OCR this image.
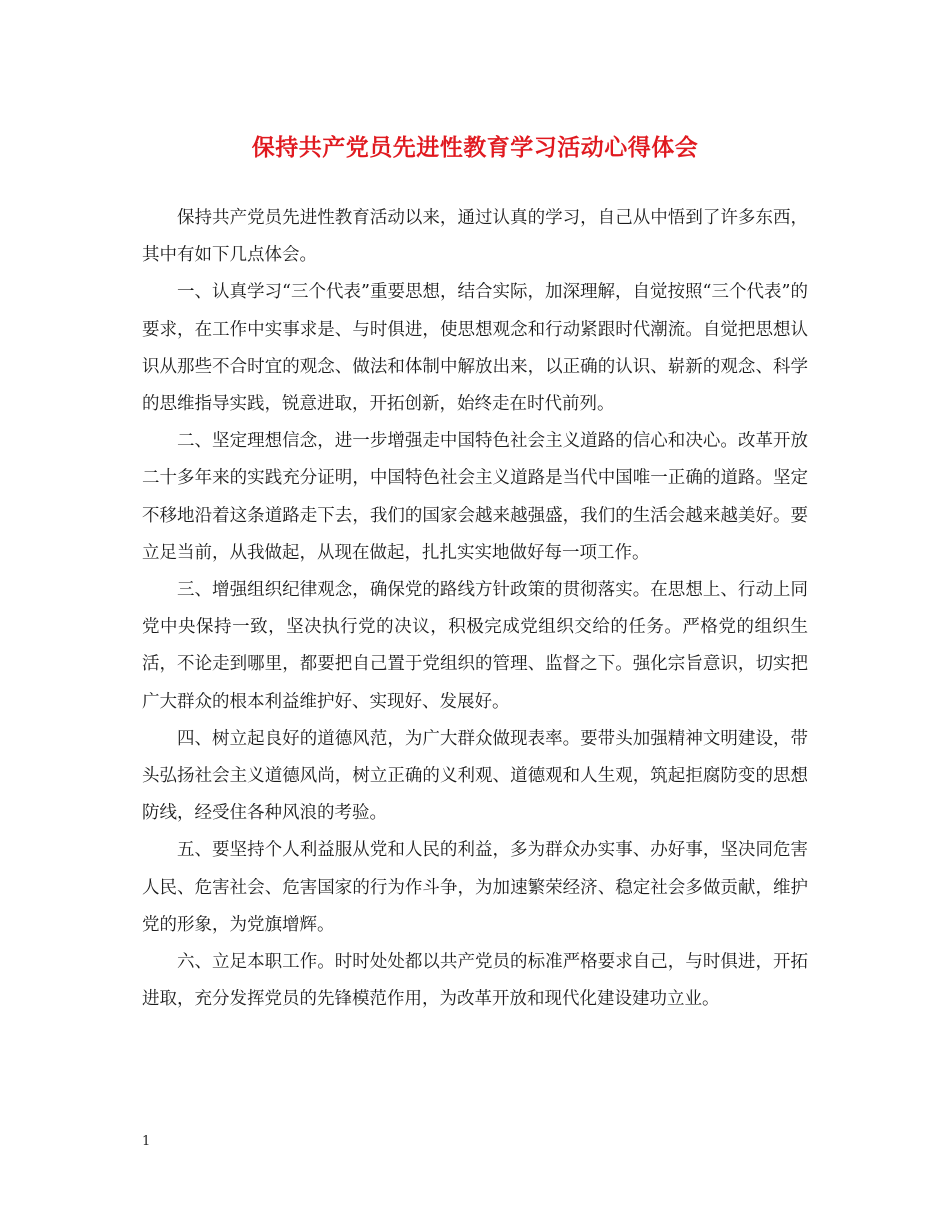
保持共产党员先进性教育学习活动心得体会

保持共产党员先进性教育活动以来，通过认真的学习，自己从中悟到了许多东西，其中有如下几点体会。

一、认真学习“三个代表”重要思想，结合实际，加深理解，自觉按照“三个代表”的要求，在工作中实事求是、与时俱进，使思想观念和行动紧跟时代潮流。自觉把思想认识从那些不合时宜的观念、做法和体制中解放出来，以正确的认识、崭新的观念、科学的思维指导实践，锐意进取，开拓创新，始终走在时代前列。

二、坚定理想信念，进一步增强走中国特色社会主义道路的信心和决心。改革开放二十多年来的实践充分证明，中国特色社会主义道路是当代中国唯一正确的道路。坚定不移地沿着这条道路走下去，我们的国家会越来越强盛，我们的生活会越来越美好。要立足当前，从我做起，从现在做起，扎扎实实地做好每一项工作。

三、增强组织纪律观念，确保党的路线方针政策的贯彻落实。在思想上、行动上同党中央保持一致，坚决执行党的决议，积极完成党组织交给的任务。严格党的组织生活，不论走到哪里，都要把自己置于党组织的管理、监督之下。强化宗旨意识，切实把广大群众的根本利益维护好、实现好、发展好。

四、树立起良好的道德风范，为广大群众做现表率。要带头加强精神文明建设，带头弘扬社会主义道德风尚，树立正确的义利观、道德观和人生观，筑起拒腐防变的思想防线，经受住各种风浪的考验。

五、要坚持个人利益服从党和人民的利益，多为群众办实事、办好事，坚决同危害人民、危害社会、危害国家的行为作斗争，为加速繁荣经济、稳定社会多做贡献，维护党的形象，为党旗增辉。

六、立足本职工作。时时处处都以共产党员的标准严格要求自己，与时俱进，开拓进取，充分发挥党员的先锋模范作用，为改革开放和现代化建设建功立业。

1
